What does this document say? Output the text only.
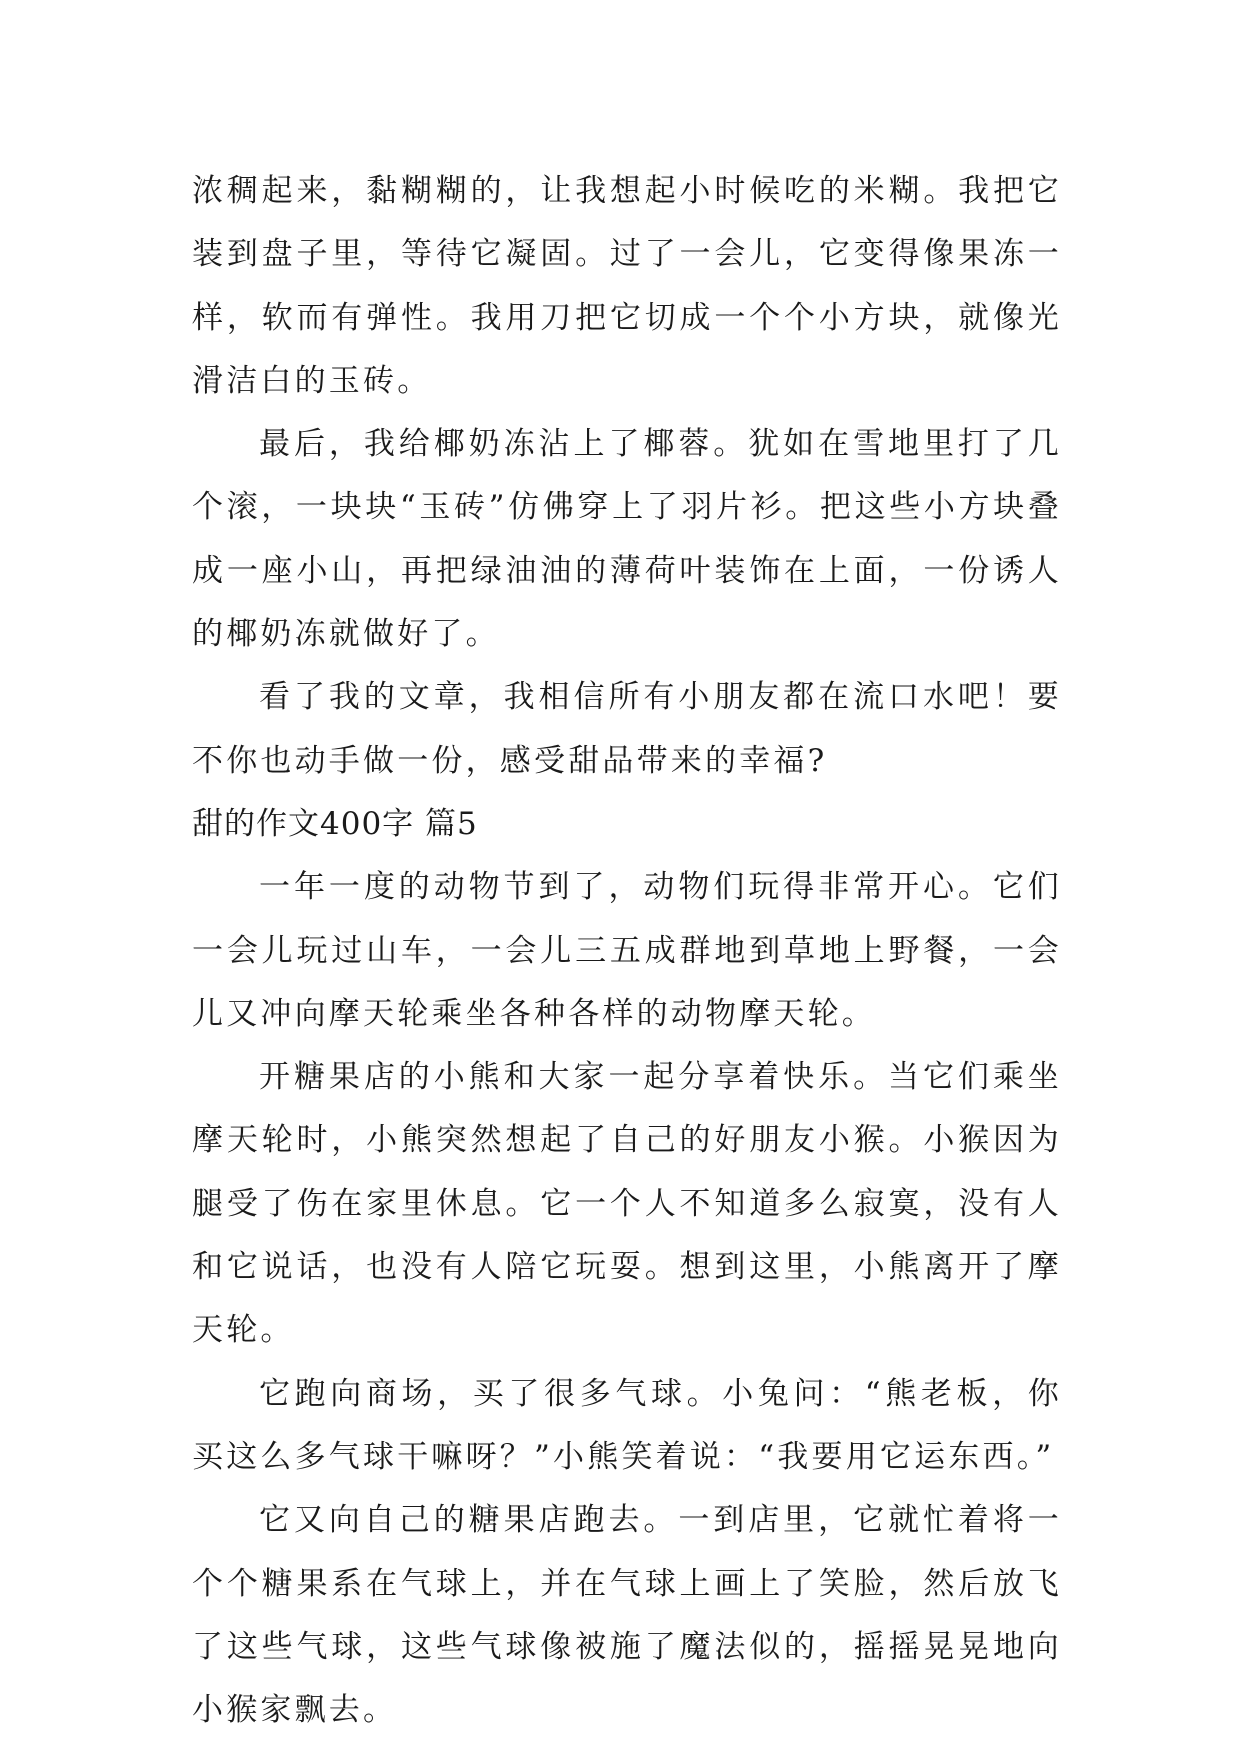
浓稠起来，黏糊糊的，让我想起小时候吃的米糊。我把它装到盘子里，等待它凝固。过了一会儿，它变得像果冻一样，软而有弹性。我用刀把它切成一个个小方块，就像光滑洁白的玉砖。

最后，我给椰奶冻沾上了椰蓉。犹如在雪地里打了几个滚，一块块“玉砖”仿佛穿上了羽片衫。把这些小方块叠成一座小山，再把绿油油的薄荷叶装饰在上面，一份诱人的椰奶冻就做好了。

看了我的文章，我相信所有小朋友都在流口水吧！要不你也动手做一份，感受甜品带来的幸福?

甜的作文400字 篇5

一年一度的动物节到了，动物们玩得非常开心。它们一会儿玩过山车，一会儿三五成群地到草地上野餐，一会儿又冲向摩天轮乘坐各种各样的动物摩天轮。

开糖果店的小熊和大家一起分享着快乐。当它们乘坐摩天轮时，小熊突然想起了自己的好朋友小猴。小猴因为腿受了伤在家里休息。它一个人不知道多么寂寞，没有人和它说话，也没有人陪它玩耍。想到这里，小熊离开了摩天轮。

它跑向商场，买了很多气球。小兔问：“熊老板，你买这么多气球干嘛呀？”小熊笑着说：“我要用它运东西。”

它又向自己的糖果店跑去。一到店里，它就忙着将一个个糖果系在气球上，并在气球上画上了笑脸，然后放飞了这些气球，这些气球像被施了魔法似的，摇摇晃晃地向小猴家飘去。
